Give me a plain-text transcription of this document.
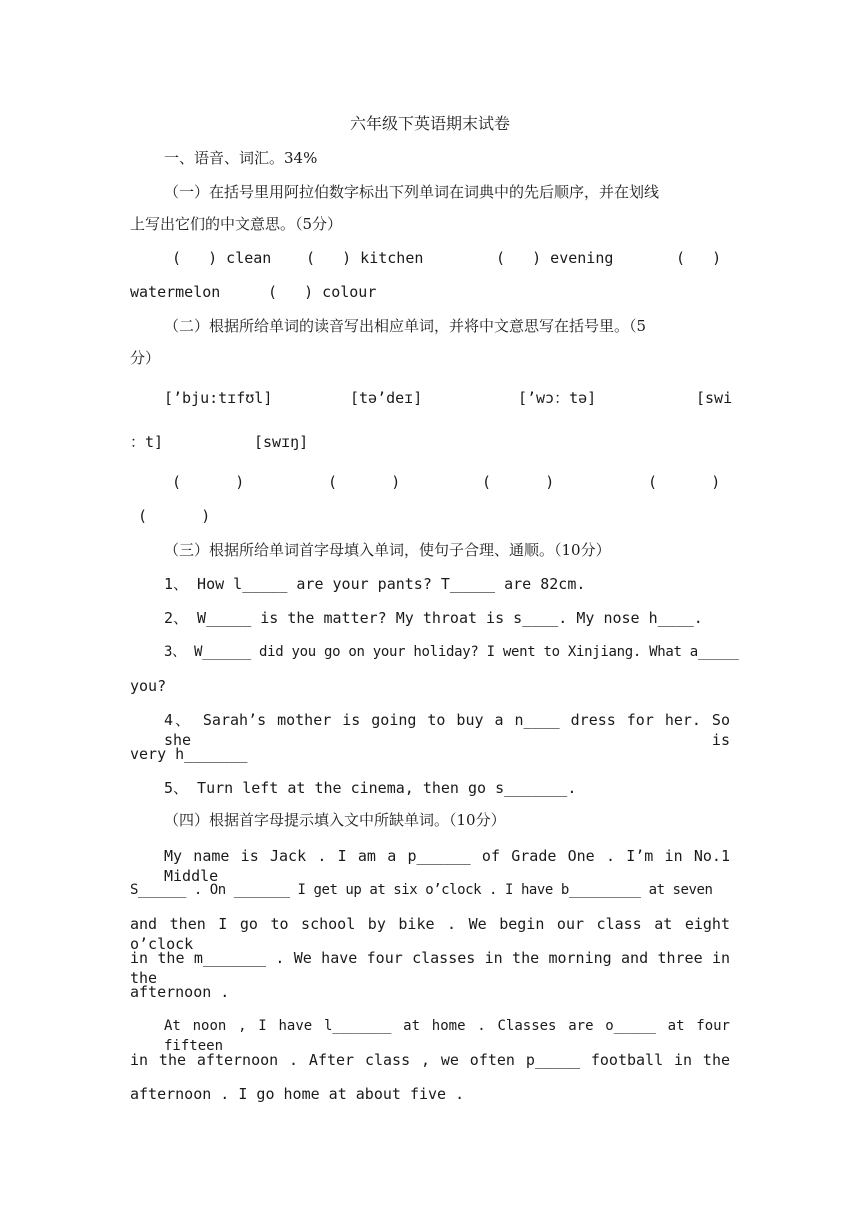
六年级下英语期末试卷
一、语音、词汇。34%
（一）在括号里用阿拉伯数字标出下列单词在词典中的先后顺序，并在划线
上写出它们的中文意思。（5分）
(   ) clean (   ) kitchen	(   ) evening	(   )
watermelon	(   ) colour
（二）根据所给单词的读音写出相应单词，并将中文意思写在括号里。（5
分）
[’bju:tɪfʊl]	[tə’deɪ]	[’wɔ：tə]	[swi
：t]	[swɪŋ]
(      )	(      )	(      )	(      )
(      )
（三）根据所给单词首字母填入单词，使句子合理、通顺。（10分）
1、 How l_____ are your pants? T_____ are 82cm.
2、 W_____ is the matter? My throat is s____. My nose h____.
3、 W______ did you go on your holiday? I went to Xinjiang. What a_____
you?
4、 Sarah’s mother is going to buy a n____ dress for her. So she is
very h_______
5、 Turn left at the cinema, then go s_______.
（四）根据首字母提示填入文中所缺单词。（10分）
My name is Jack . I am a p______ of Grade One . I’m in No.1 Middle
S______ . On _______ I get up at six o’clock . I have b_________ at seven
and then I go to school by bike . We begin our class at eight o’clock
in the m_______ . We have four classes in the morning and three in the
afternoon .
At noon , I have l_______ at home . Classes are o_____ at four fifteen
in the afternoon . After class , we often p_____ football in the
afternoon . I go home at about five .
